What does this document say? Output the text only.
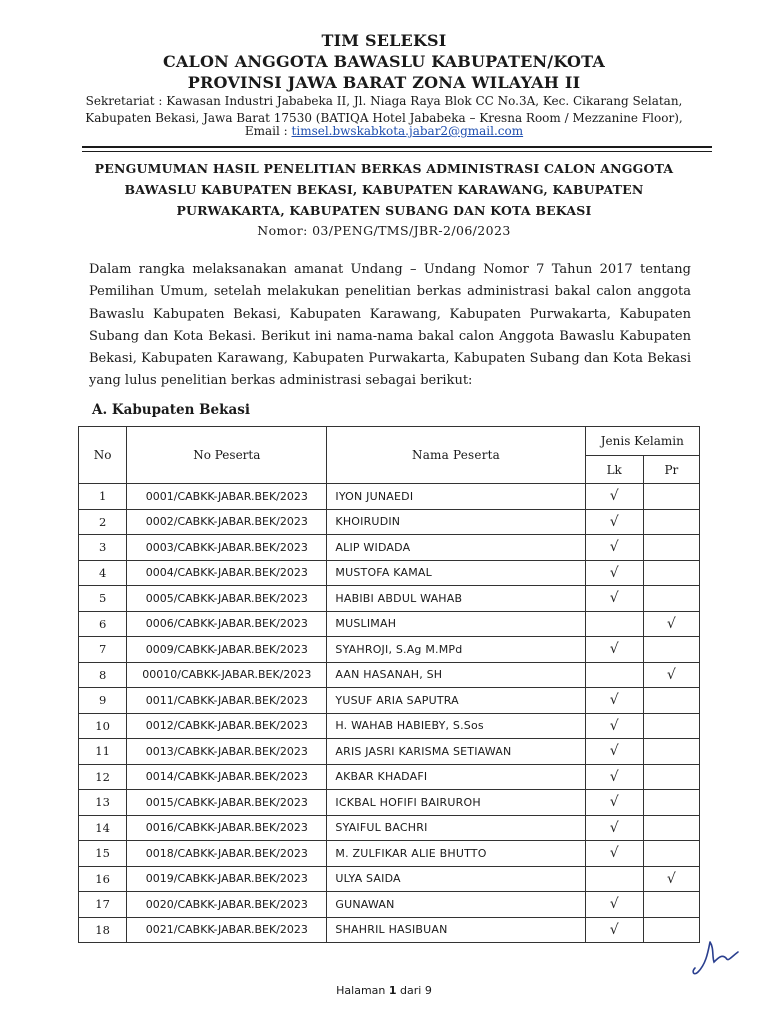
TIM SELEKSI
CALON ANGGOTA BAWASLU KABUPATEN/KOTA
PROVINSI JAWA BARAT ZONA WILAYAH II
Sekretariat : Kawasan Industri Jababeka II, Jl. Niaga Raya Blok CC No.3A, Kec. Cikarang Selatan,
Kabupaten Bekasi, Jawa Barat 17530 (BATIQA Hotel Jababeka – Kresna Room / Mezzanine Floor),
Email : timsel.bwskabkota.jabar2@gmail.com
PENGUMUMAN HASIL PENELITIAN BERKAS ADMINISTRASI CALON ANGGOTA
BAWASLU KABUPATEN BEKASI, KABUPATEN KARAWANG, KABUPATEN
PURWAKARTA, KABUPATEN SUBANG DAN KOTA BEKASI
Nomor: 03/PENG/TMS/JBR-2/06/2023
Dalam rangka melaksanakan amanat Undang – Undang Nomor 7 Tahun 2017 tentang Pemilihan Umum, setelah melakukan penelitian berkas administrasi bakal calon anggota Bawaslu Kabupaten Bekasi, Kabupaten Karawang, Kabupaten Purwakarta, Kabupaten Subang dan Kota Bekasi. Berikut ini nama-nama bakal calon Anggota Bawaslu Kabupaten Bekasi, Kabupaten Karawang, Kabupaten Purwakarta, Kabupaten Subang dan Kota Bekasi yang lulus penelitian berkas administrasi sebagai berikut:
A. Kabupaten Bekasi
No	No Peserta	Nama Peserta	Jenis Kelamin	
			Lk	Pr
1	0001/CABKK-JABAR.BEK/2023	IYON JUNAEDI	√	
2	0002/CABKK-JABAR.BEK/2023	KHOIRUDIN	√	
3	0003/CABKK-JABAR.BEK/2023	ALIP WIDADA	√	
4	0004/CABKK-JABAR.BEK/2023	MUSTOFA KAMAL	√	
5	0005/CABKK-JABAR.BEK/2023	HABIBI ABDUL WAHAB	√	
6	0006/CABKK-JABAR.BEK/2023	MUSLIMAH		√
7	0009/CABKK-JABAR.BEK/2023	SYAHROJI, S.Ag M.MPd	√	
8	00010/CABKK-JABAR.BEK/2023	AAN HASANAH, SH		√
9	0011/CABKK-JABAR.BEK/2023	YUSUF ARIA SAPUTRA	√	
10	0012/CABKK-JABAR.BEK/2023	H. WAHAB HABIEBY, S.Sos	√	
11	0013/CABKK-JABAR.BEK/2023	ARIS JASRI KARISMA SETIAWAN	√	
12	0014/CABKK-JABAR.BEK/2023	AKBAR KHADAFI	√	
13	0015/CABKK-JABAR.BEK/2023	ICKBAL HOFIFI BAIRUROH	√	
14	0016/CABKK-JABAR.BEK/2023	SYAIFUL BACHRI	√	
15	0018/CABKK-JABAR.BEK/2023	M. ZULFIKAR ALIE BHUTTO	√	
16	0019/CABKK-JABAR.BEK/2023	ULYA SAIDA		√
17	0020/CABKK-JABAR.BEK/2023	GUNAWAN	√	
18	0021/CABKK-JABAR.BEK/2023	SHAHRIL HASIBUAN	√	
Halaman 1 dari 9
